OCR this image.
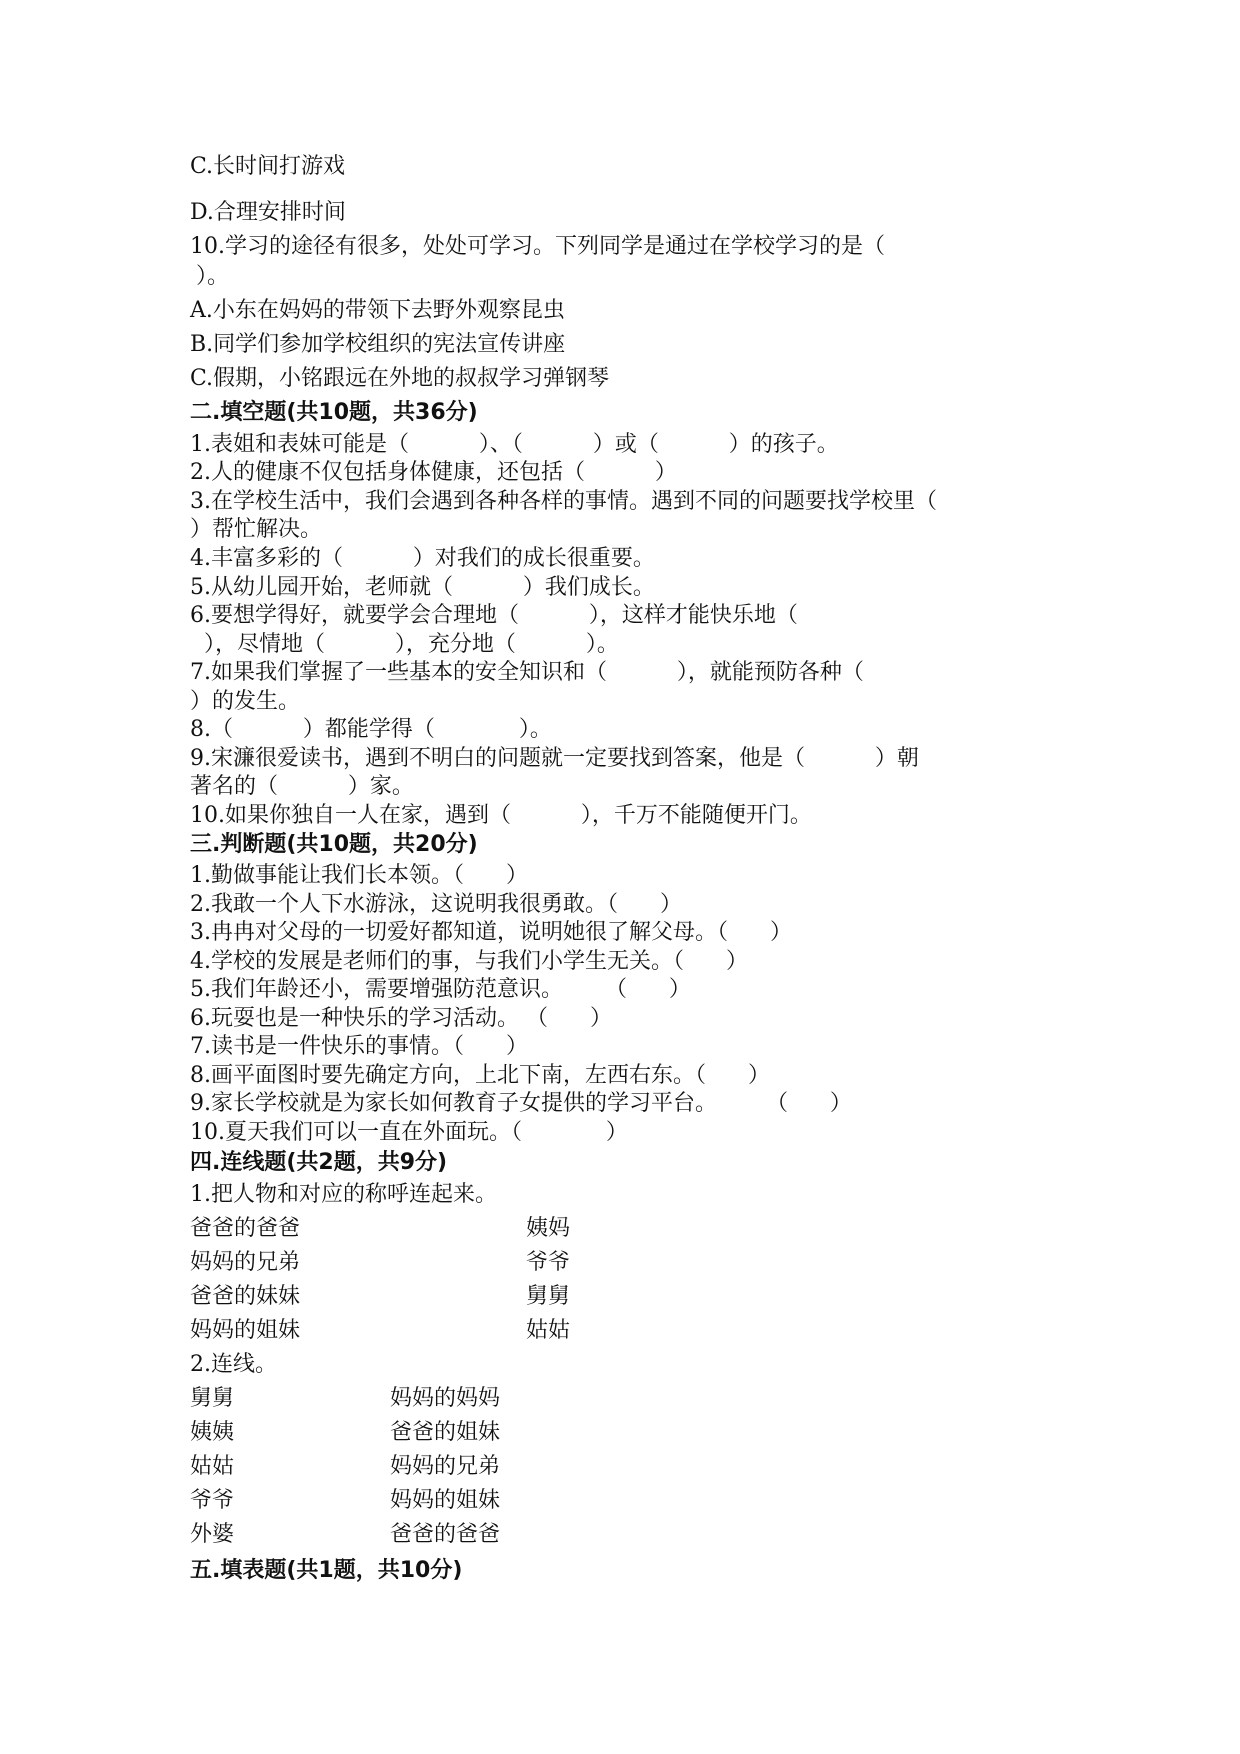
C.长时间打游戏
D.合理安排时间
10.学习的途径有很多，处处可学习。下列同学是通过在学校学习的是（
）。
A.小东在妈妈的带领下去野外观察昆虫
B.同学们参加学校组织的宪法宣传讲座
C.假期，小铭跟远在外地的叔叔学习弹钢琴
二.填空题(共10题，共36分)
1.表姐和表妹可能是（          ）、（          ）或（          ）的孩子。
2.人的健康不仅包括身体健康，还包括（          ）
3.在学校生活中，我们会遇到各种各样的事情。遇到不同的问题要找学校里（
）帮忙解决。
4.丰富多彩的（          ）对我们的成长很重要。
5.从幼儿园开始，老师就（          ）我们成长。
6.要想学得好，就要学会合理地（          ），这样才能快乐地（
），尽情地（          ），充分地（          ）。
7.如果我们掌握了一些基本的安全知识和（          ），就能预防各种（
）的发生。
8.（          ）都能学得（            ）。
9.宋濂很爱读书，遇到不明白的问题就一定要找到答案，他是（          ）朝
著名的（          ）家。
10.如果你独自一人在家，遇到（          ），千万不能随便开门。
三.判断题(共10题，共20分)
1.勤做事能让我们长本领。（      ）
2.我敢一个人下水游泳，这说明我很勇敢。（      ）
3.冉冉对父母的一切爱好都知道，说明她很了解父母。（      ）
4.学校的发展是老师们的事，与我们小学生无关。（      ）
5.我们年龄还小，需要增强防范意识。      （      ）
6.玩耍也是一种快乐的学习活动。 （      ）
7.读书是一件快乐的事情。（      ）
8.画平面图时要先确定方向，上北下南，左西右东。（      ）
9.家长学校就是为家长如何教育子女提供的学习平台。       （      ）
10.夏天我们可以一直在外面玩。（            ）
四.连线题(共2题，共9分)
1.把人物和对应的称呼连起来。
爸爸的爸爸	姨妈
妈妈的兄弟	爷爷
爸爸的妹妹	舅舅
妈妈的姐妹	姑姑
2.连线。
舅舅	妈妈的妈妈
姨姨	爸爸的姐妹
姑姑	妈妈的兄弟
爷爷	妈妈的姐妹
外婆	爸爸的爸爸
五.填表题(共1题，共10分)
